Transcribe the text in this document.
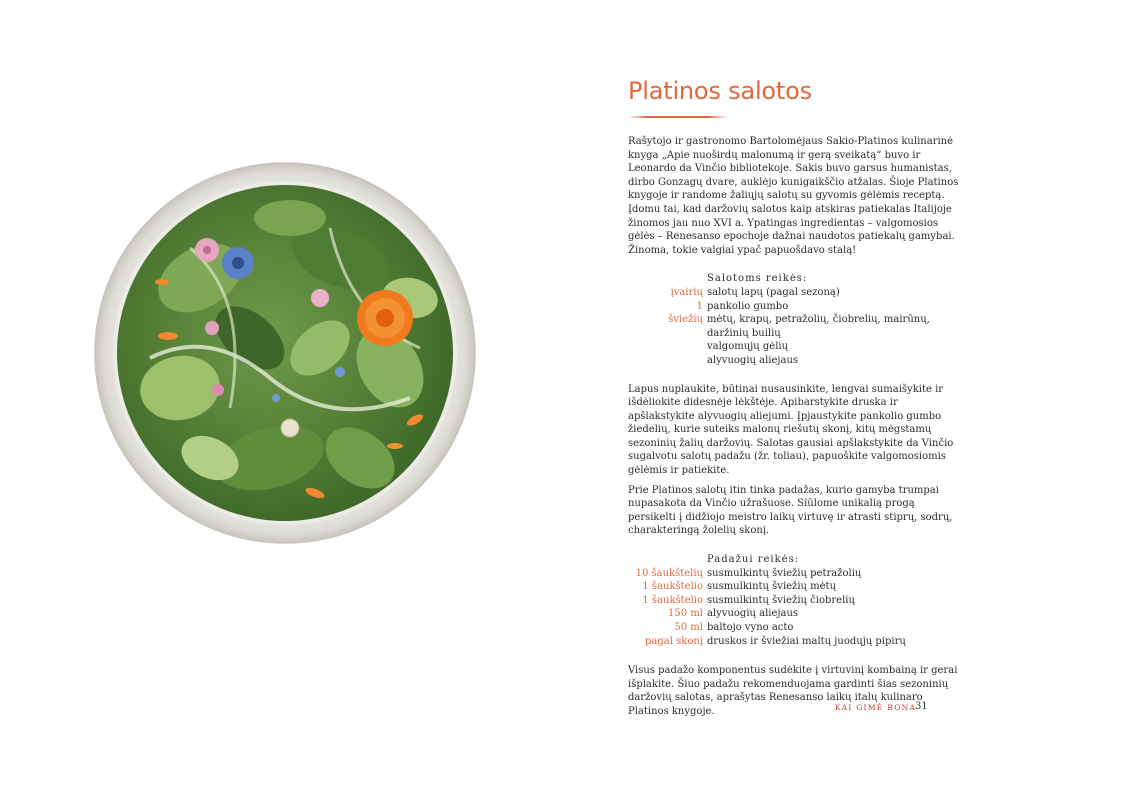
Platinos salotos

Rašytojo ir gastronomo Bartolomėjaus Sakio-Platinos kulinarinė knyga „Apie nuoširdų malonumą ir gerą sveikatą“ buvo ir Leonardo da Vinčio bibliotekoje. Sakis buvo garsus humanistas, dirbo Gonzagų dvare, auklėjo kunigaikščio atžalas. Šioje Platinos knygoje ir randome žaliųjų salotų su gyvomis gėlėmis receptą. Įdomu tai, kad daržovių salotos kaip atskiras patiekalas Italijoje žinomos jau nuo XVI a. Ypatingas ingredientas – valgomosios gėlės – Renesanso epochoje dažnai naudotos patiekalų gamybai. Žinoma, tokie valgiai ypač papuošdavo stalą!

Salotoms reikės:
įvairių salotų lapų (pagal sezoną)
1 pankolio gumbo
šviežių mėtų, krapų, petražolių, čiobrelių, mairūnų, daržinių builių
valgomųjų gėlių
alyvuogių aliejaus

Lapus nuplaukite, būtinai nusausinkite, lengvai sumaišykite ir išdėliokite didesnėje lėkštėje. Apibarstykite druska ir apšlakstykite alyvuogių aliejumi. Įpjaustykite pankolio gumbo žiedelių, kurie suteiks malonų riešutų skonį, kitų mėgstamų sezoninių žalių daržovių. Salotas gausiai apšlakstykite da Vinčio sugalvotu salotų padažu (žr. toliau), papuoškite valgomosiomis gėlėmis ir patiekite.

Prie Platinos salotų itin tinka padažas, kurio gamyba trumpai nupasakota da Vinčio užrašuose. Siūlome unikalią progą persikelti į didžiojo meistro laikų virtuvę ir atrasti stiprų, sodrų, charakteringą žolelių skonį.

Padažui reikės:
10 šaukštelių susmulkintų šviežių petražolių
1 šaukštelio susmulkintų šviežių mėtų
1 šaukštelio susmulkintų šviežių čiobrelių
150 ml alyvuogių aliejaus
50 ml baltojo vyno acto
pagal skonį druskos ir šviežiai maltų juodųjų pipirų

Visus padažo komponentus sudėkite į virtuvinį kombainą ir gerai išplakite. Šiuo padažu rekomenduojama gardinti šias sezoninių daržovių salotas, aprašytas Renesanso laikų italų kulinaro Platinos knygoje.	KAI GIMĖ BONA
31
